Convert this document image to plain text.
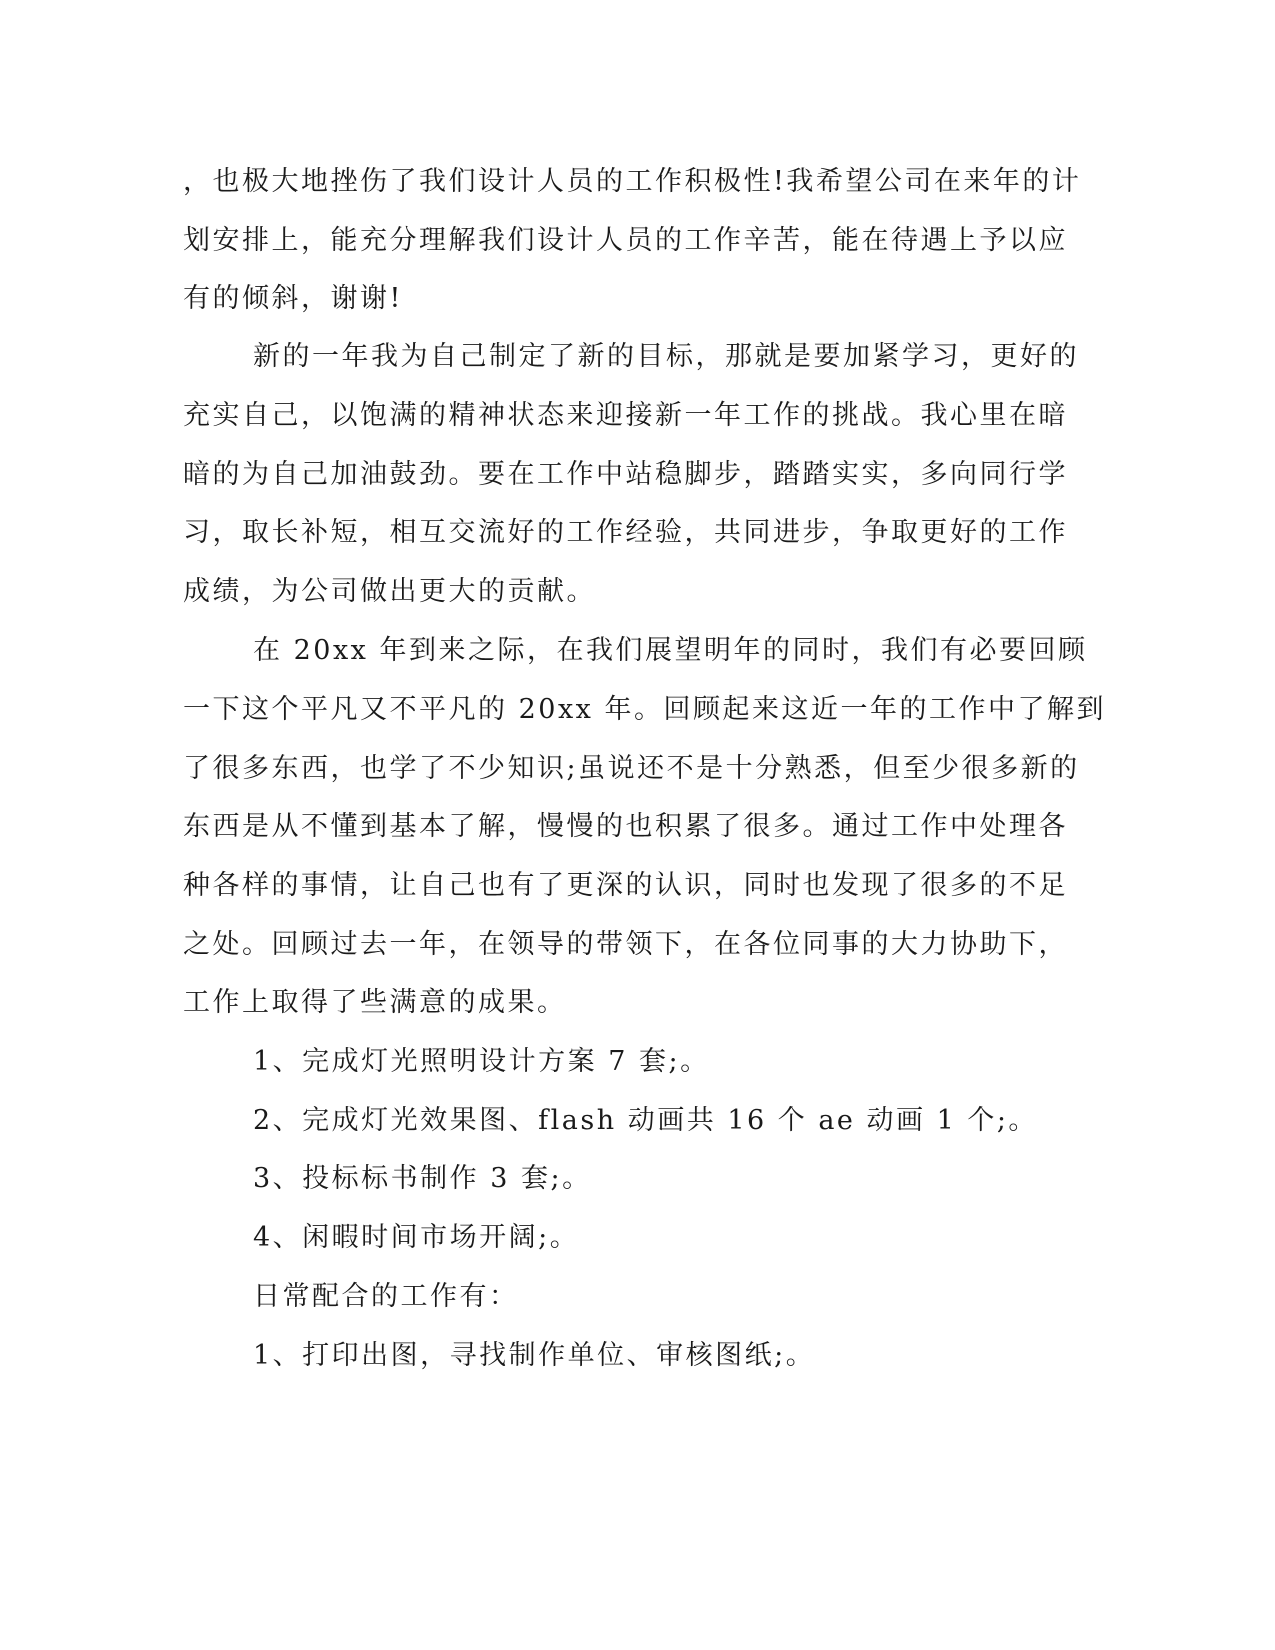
，也极大地挫伤了我们设计人员的工作积极性!我希望公司在来年的计
划安排上，能充分理解我们设计人员的工作辛苦，能在待遇上予以应
有的倾斜，谢谢!
新的一年我为自己制定了新的目标，那就是要加紧学习，更好的
充实自己，以饱满的精神状态来迎接新一年工作的挑战。我心里在暗
暗的为自己加油鼓劲。要在工作中站稳脚步，踏踏实实，多向同行学
习，取长补短，相互交流好的工作经验，共同进步，争取更好的工作
成绩，为公司做出更大的贡献。
在 20xx 年到来之际，在我们展望明年的同时，我们有必要回顾
一下这个平凡又不平凡的 20xx 年。回顾起来这近一年的工作中了解到
了很多东西，也学了不少知识;虽说还不是十分熟悉，但至少很多新的
东西是从不懂到基本了解，慢慢的也积累了很多。通过工作中处理各
种各样的事情，让自己也有了更深的认识，同时也发现了很多的不足
之处。回顾过去一年，在领导的带领下，在各位同事的大力协助下，
工作上取得了些满意的成果。
1、完成灯光照明设计方案 7 套;。
2、完成灯光效果图、flash 动画共 16 个 ae 动画 1 个;。
3、投标标书制作 3 套;。
4、闲暇时间市场开阔;。
日常配合的工作有：
1、打印出图，寻找制作单位、审核图纸;。
